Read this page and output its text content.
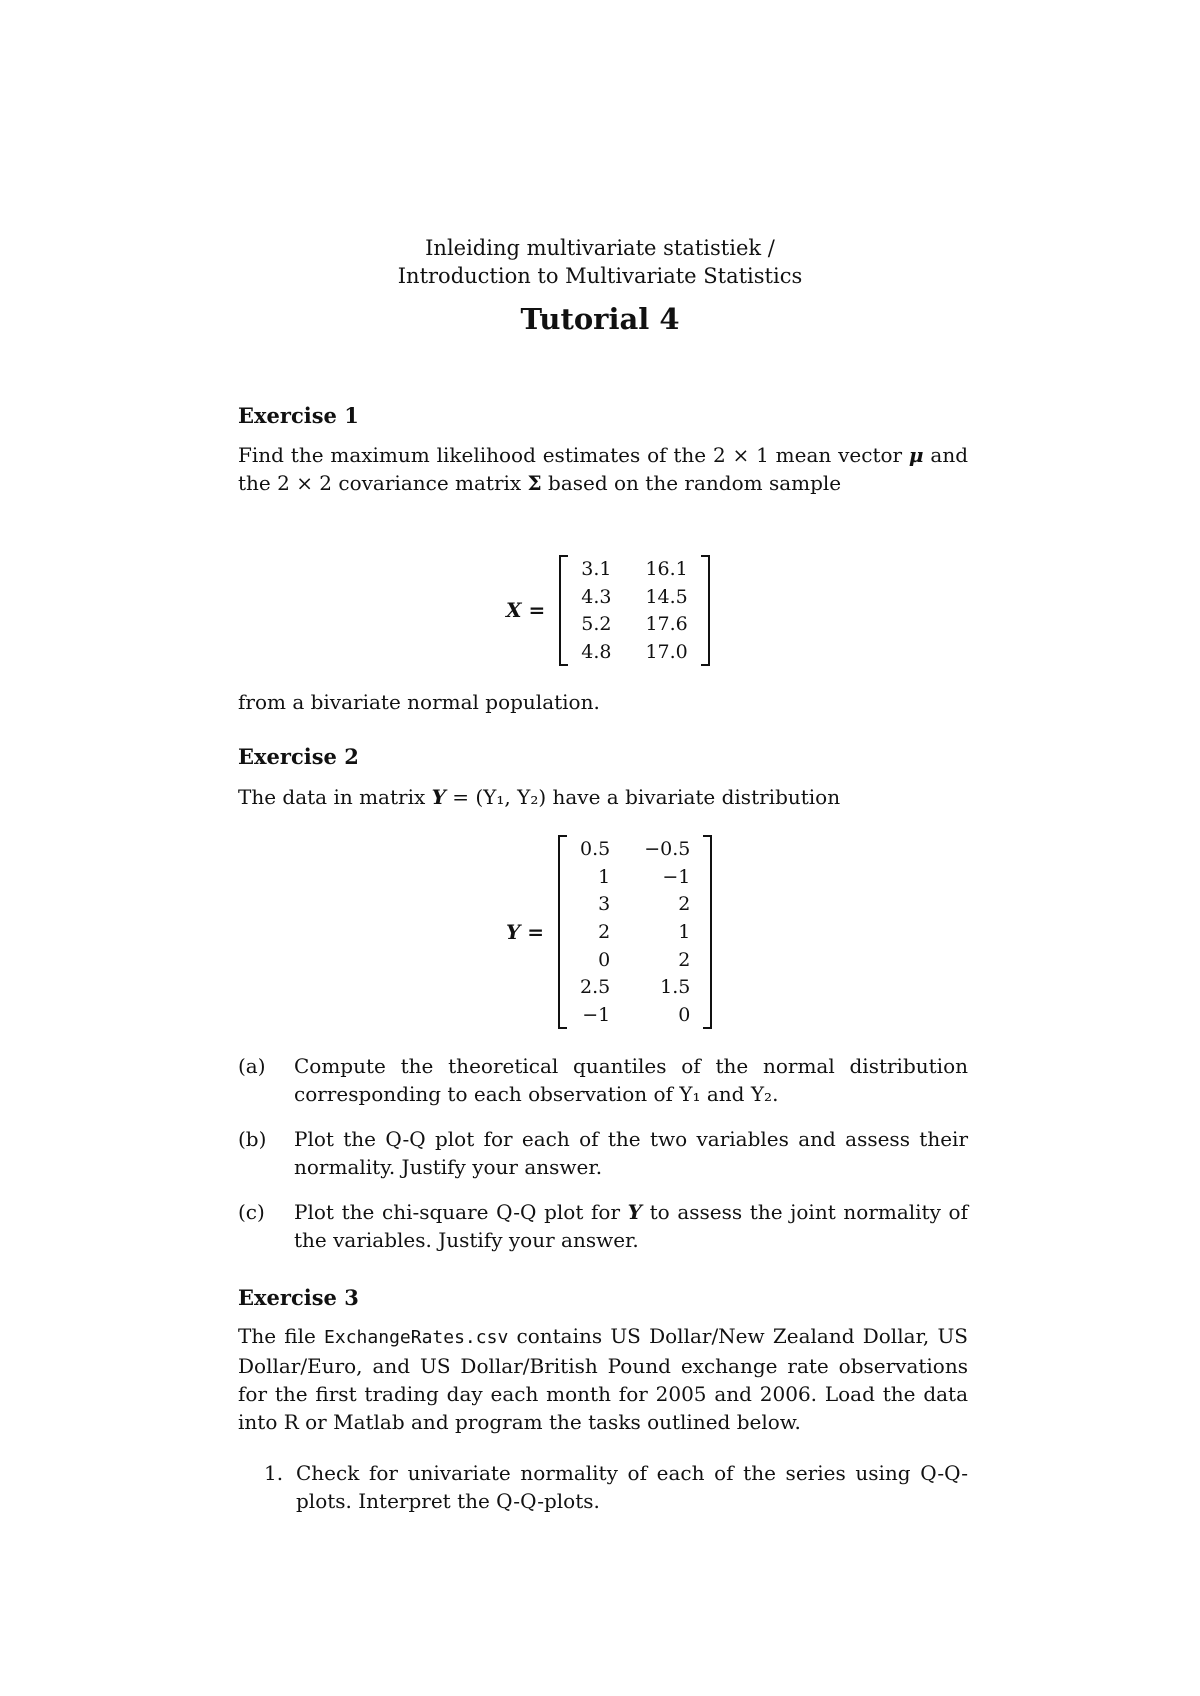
Inleiding multivariate statistiek /
Introduction to Multivariate Statistics
Tutorial 4
Exercise 1
Find the maximum likelihood estimates of the 2 × 1 mean vector μ and the 2 × 2 covariance matrix Σ based on the random sample
X =
3.1	16.1
4.3	14.5
5.2	17.6
4.8	17.0
from a bivariate normal population.
Exercise 2
The data in matrix Y = (Y₁, Y₂) have a bivariate distribution
Y =
0.5	−0.5
1	−1
3	2
2	1
0	2
2.5	1.5
−1	0
(a) Compute the theoretical quantiles of the normal distribution corresponding to each observation of Y₁ and Y₂.
(b) Plot the Q-Q plot for each of the two variables and assess their normality. Justify your answer.
(c) Plot the chi-square Q-Q plot for Y to assess the joint normality of the variables. Justify your answer.
Exercise 3
The file ExchangeRates.csv contains US Dollar/New Zealand Dollar, US Dollar/Euro, and US Dollar/British Pound exchange rate observations for the first trading day each month for 2005 and 2006. Load the data into R or Matlab and program the tasks outlined below.
1. Check for univariate normality of each of the series using Q-Q-plots. Interpret the Q-Q-plots.
